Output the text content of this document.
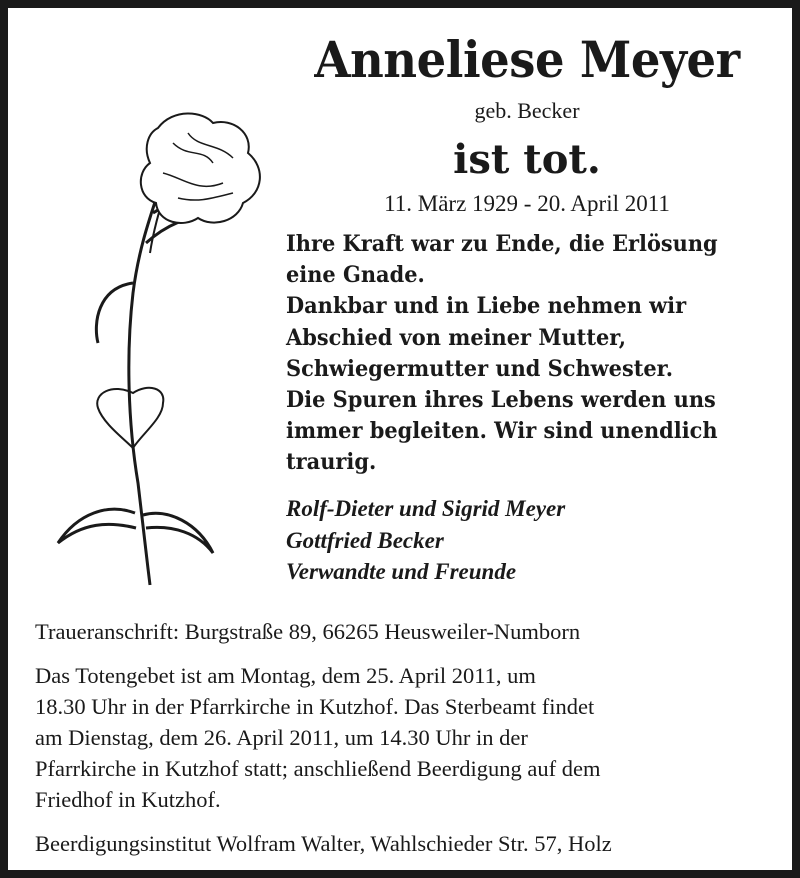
Anneliese Meyer
geb. Becker
ist tot.
11. März 1929 - 20. April 2011
Ihre Kraft war zu Ende, die Erlösung
eine Gnade.
Dankbar und in Liebe nehmen wir
Abschied von meiner Mutter,
Schwiegermutter und Schwester.
Die Spuren ihres Lebens werden uns
immer begleiten. Wir sind unendlich
traurig.
Rolf-Dieter und Sigrid Meyer
Gottfried Becker
Verwandte und Freunde
Traueranschrift: Burgstraße 89, 66265 Heusweiler-Numborn
Das Totengebet ist am Montag, dem 25. April 2011, um
18.30 Uhr in der Pfarrkirche in Kutzhof. Das Sterbeamt findet
am Dienstag, dem 26. April 2011, um 14.30 Uhr in der
Pfarrkirche in Kutzhof statt; anschließend Beerdigung auf dem
Friedhof in Kutzhof.
Beerdigungsinstitut Wolfram Walter, Wahlschieder Str. 57, Holz
